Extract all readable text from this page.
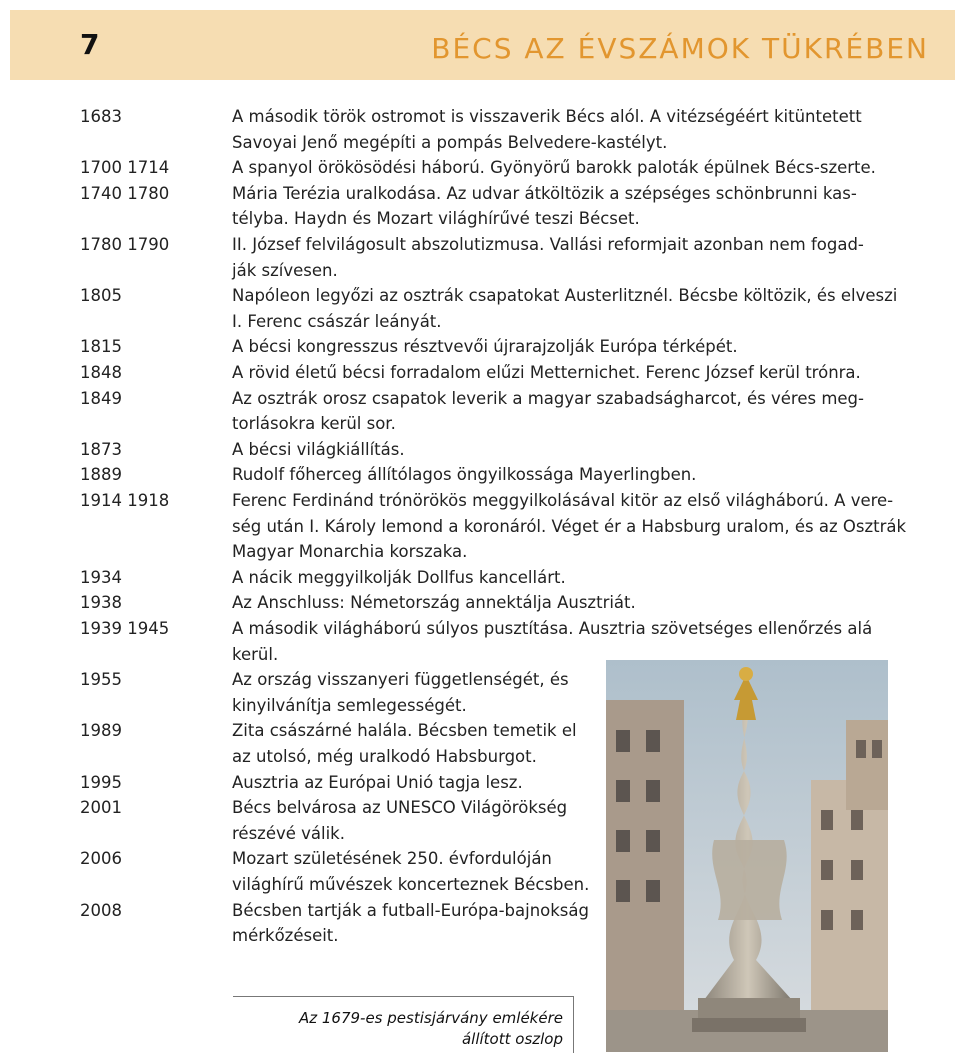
7	BÉCS AZ ÉVSZÁMOK TÜKRÉBEN
1683	A második török ostromot is visszaverik Bécs alól. A vitézségéért kitüntetett
Savoyai Jenő megépíti a pompás Belvedere-kastélyt.
1700 1714	A spanyol örökösödési háború. Gyönyörű barokk paloták épülnek Bécs-szerte.
1740 1780	Mária Terézia uralkodása. Az udvar átköltözik a szépséges schönbrunni kas-
télyba. Haydn és Mozart világhírűvé teszi Bécset.
1780 1790	II. József felvilágosult abszolutizmusa. Vallási reformjait azonban nem fogad-
ják szívesen.
1805	Napóleon legyőzi az osztrák csapatokat Austerlitznél. Bécsbe költözik, és elveszi
I. Ferenc császár leányát.
1815	A bécsi kongresszus résztvevői újrarajzolják Európa térképét.
1848	A rövid életű bécsi forradalom elűzi Metternichet. Ferenc József kerül trónra.
1849	Az osztrák orosz csapatok leverik a magyar szabadságharcot, és véres meg-
torlásokra kerül sor.
1873	A bécsi világkiállítás.
1889	Rudolf főherceg állítólagos öngyilkossága Mayerlingben.
1914 1918	Ferenc Ferdinánd trónörökös meggyilkolásával kitör az első világháború. A vere-
ség után I. Károly lemond a koronáról. Véget ér a Habsburg uralom, és az Osztrák
Magyar Monarchia korszaka.
1934	A nácik meggyilkolják Dollfus kancellárt.
1938	Az Anschluss: Németország annektálja Ausztriát.
1939 1945	A második világháború súlyos pusztítása. Ausztria szövetséges ellenőrzés alá
kerül.
1955	Az ország visszanyeri függetlenségét, és
kinyilvánítja semlegességét.
1989	Zita császárné halála. Bécsben temetik el
az utolsó, még uralkodó Habsburgot.
1995	Ausztria az Európai Unió tagja lesz.
2001	Bécs belvárosa az UNESCO Világörökség
részévé válik.
2006	Mozart születésének 250. évfordulóján
világhírű művészek koncerteznek Bécsben.
2008	Bécsben tartják a futball-Európa-bajnokság
mérkőzéseit.
Az 1679-es pestisjárvány emlékére
állított oszlop
